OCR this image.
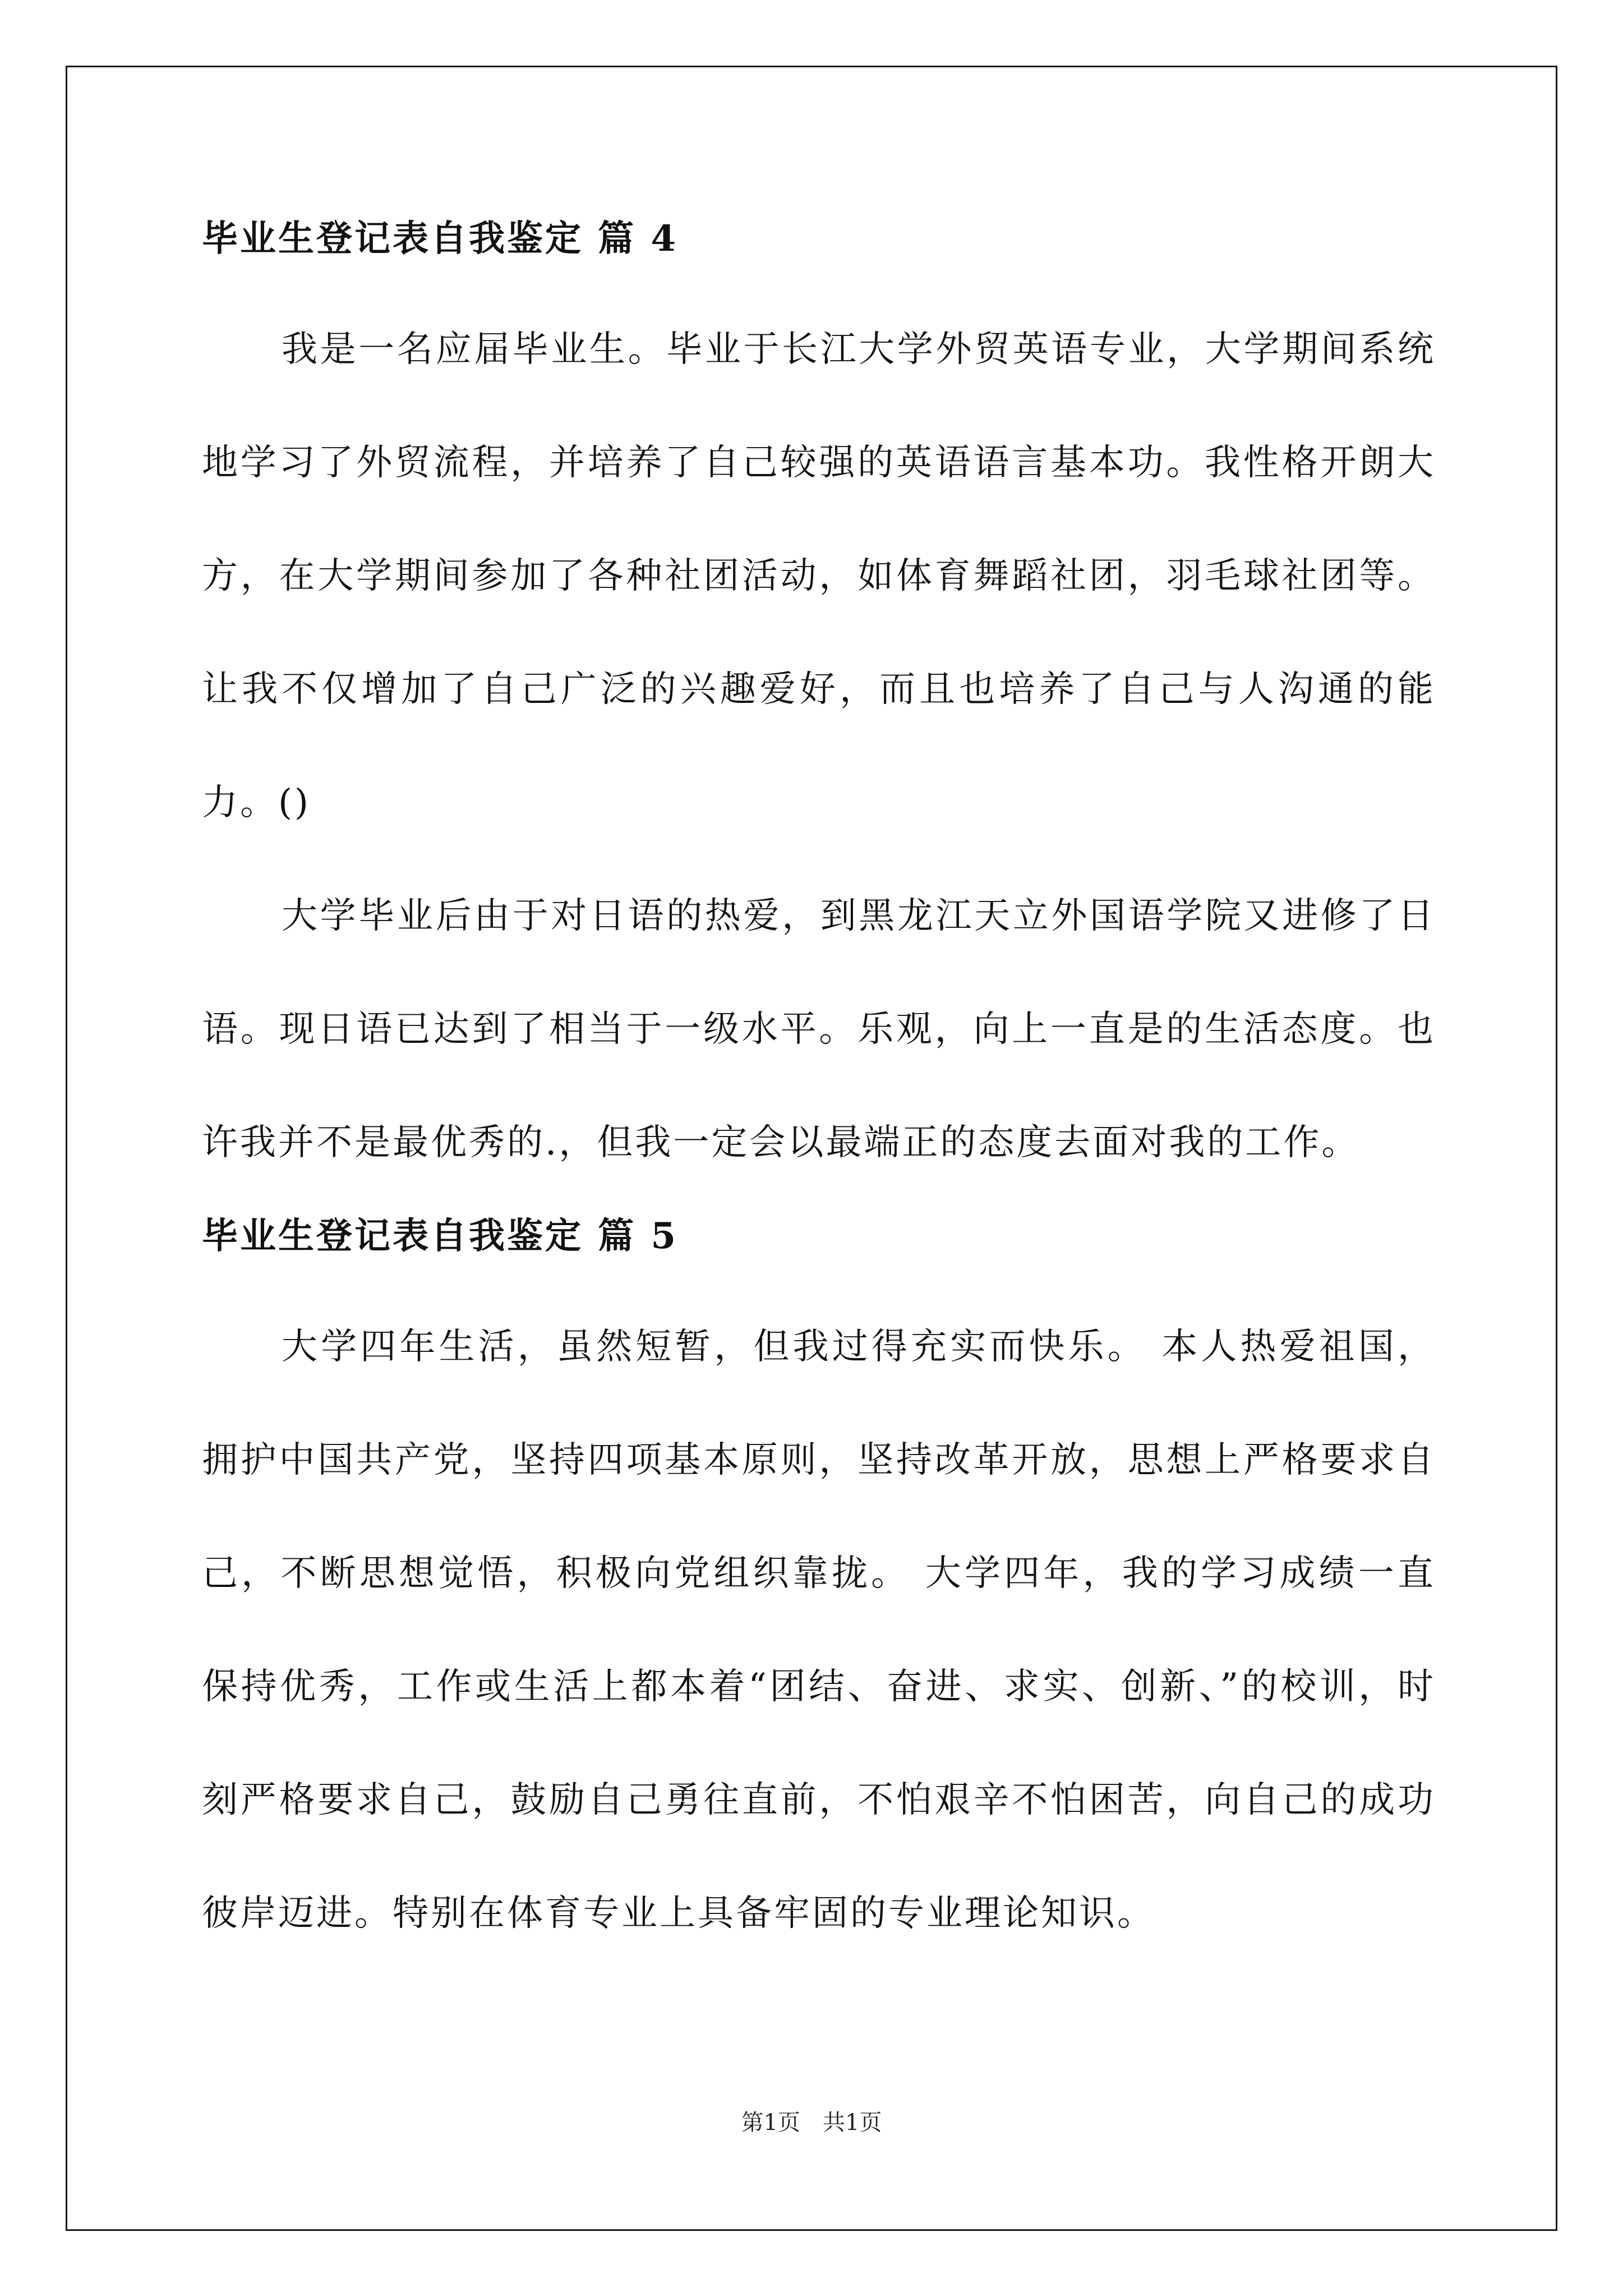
毕业生登记表自我鉴定 篇 4

我是一名应届毕业生。毕业于长江大学外贸英语专业，大学期间系统地学习了外贸流程，并培养了自己较强的英语语言基本功。我性格开朗大方，在大学期间参加了各种社团活动，如体育舞蹈社团，羽毛球社团等。让我不仅增加了自己广泛的兴趣爱好，而且也培养了自己与人沟通的能力。()

大学毕业后由于对日语的热爱，到黑龙江天立外国语学院又进修了日语。现日语已达到了相当于一级水平。乐观，向上一直是的生活态度。也许我并不是最优秀的.，但我一定会以最端正的态度去面对我的工作。

毕业生登记表自我鉴定 篇 5

大学四年生活，虽然短暂，但我过得充实而快乐。 本人热爱祖国，拥护中国共产党，坚持四项基本原则，坚持改革开放，思想上严格要求自己，不断思想觉悟，积极向党组织靠拢。 大学四年，我的学习成绩一直保持优秀，工作或生活上都本着“团结、奋进、求实、创新、”的校训，时刻严格要求自己，鼓励自己勇往直前，不怕艰辛不怕困苦，向自己的成功彼岸迈进。特别在体育专业上具备牢固的专业理论知识。

第1页　共1页
